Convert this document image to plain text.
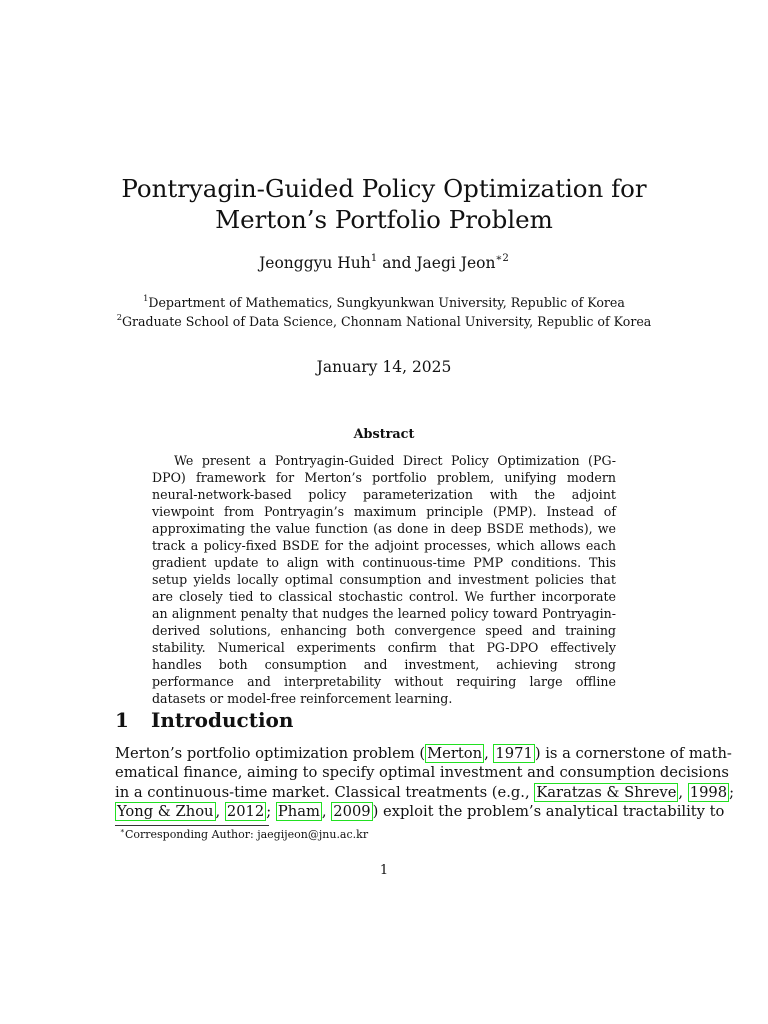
Pontryagin-Guided Policy Optimization for
Merton’s Portfolio Problem
Jeonggyu Huh$^1$ and Jaegi Jeon$^{∗2}$
$^1$Department of Mathematics, Sungkyunkwan University, Republic of Korea
$^2$Graduate School of Data Science, Chonnam National University, Republic of Korea
January 14, 2025
Abstract

We present a Pontryagin-Guided Direct Policy Optimization (PG-DPO) framework for Merton’s portfolio problem, unifying modern neural-network-based policy parameterization with the adjoint viewpoint from Pontryagin’s maximum principle (PMP). Instead of approximating the value function (as done in deep BSDE methods), we track a policy-fixed BSDE for the adjoint processes, which allows each gradient update to align with continuous-time PMP conditions. This setup yields locally optimal consumption and investment policies that are closely tied to classical stochastic control. We further incorporate an alignment penalty that nudges the learned policy toward Pontryagin-derived solutions, enhancing both convergence speed and training stability. Numerical experiments confirm that PG-DPO effectively handles both consumption and investment, achieving strong performance and interpretability without requiring large offline datasets or model-free reinforcement learning.

1 Introduction
Merton’s portfolio optimization problem ( Merton , 1971 ) is a cornerstone of math-
ematical finance, aiming to specify optimal investment and consumption decisions
in a continuous-time market. Classical treatments (e.g., Karatzas & Shreve , 1998 ;
Yong & Zhou , 2012 ; Pham , 2009 ) exploit the problem’s analytical tractability to
∗Corresponding Author: jaegijeon@jnu.ac.kr
1
